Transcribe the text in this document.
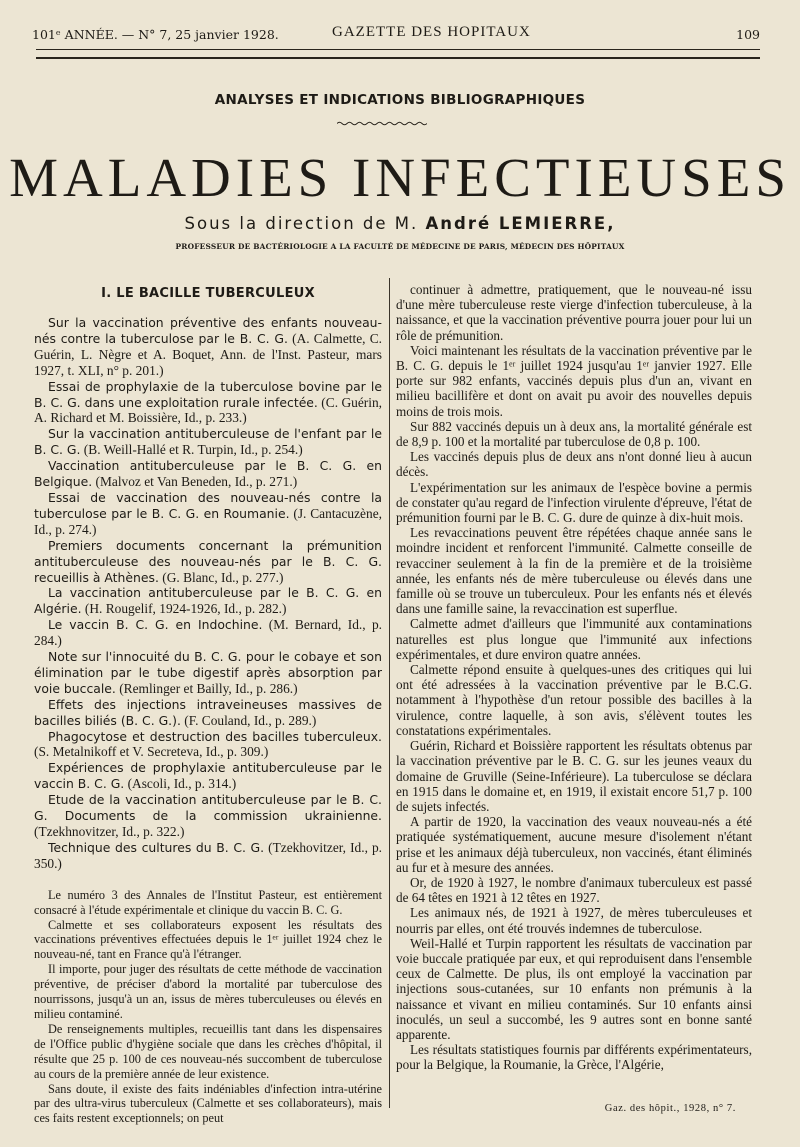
101ᵉ ANNÉE. — N° 7, 25 janvier 1928.	GAZETTE DES HOPITAUX	109
ANALYSES ET INDICATIONS BIBLIOGRAPHIQUES
MALADIES INFECTIEUSES
Sous la direction de M. André LEMIERRE,
PROFESSEUR DE BACTÉRIOLOGIE A LA FACULTÉ DE MÉDECINE DE PARIS, MÉDECIN DES HÔPITAUX
I. LE BACILLE TUBERCULEUX

Sur la vaccination préventive des enfants nouveau-nés contre la tuberculose par le B. C. G. (A. Calmette, C. Guérin, L. Nègre et A. Boquet, Ann. de l'Inst. Pasteur, mars 1927, t. XLI, n° p. 201.)

Essai de prophylaxie de la tuberculose bovine par le B. C. G. dans une exploitation rurale infectée. (C. Guérin, A. Richard et M. Boissière, Id., p. 233.)

Sur la vaccination antituberculeuse de l'enfant par le B. C. G. (B. Weill-Hallé et R. Turpin, Id., p. 254.)

Vaccination antituberculeuse par le B. C. G. en Belgique. (Malvoz et Van Beneden, Id., p. 271.)

Essai de vaccination des nouveau-nés contre la tuberculose par le B. C. G. en Roumanie. (J. Cantacuzène, Id., p. 274.)

Premiers documents concernant la prémunition antituberculeuse des nouveau-nés par le B. C. G. recueillis à Athènes. (G. Blanc, Id., p. 277.)

La vaccination antituberculeuse par le B. C. G. en Algérie. (H. Rougelif, 1924-1926, Id., p. 282.)

Le vaccin B. C. G. en Indochine. (M. Bernard, Id., p. 284.)

Note sur l'innocuité du B. C. G. pour le cobaye et son élimination par le tube digestif après absorption par voie buccale. (Remlinger et Bailly, Id., p. 286.)

Effets des injections intraveineuses massives de bacilles biliés (B. C. G.). (F. Couland, Id., p. 289.)

Phagocytose et destruction des bacilles tuberculeux. (S. Metalnikoff et V. Secreteva, Id., p. 309.)

Expériences de prophylaxie antituberculeuse par le vaccin B. C. G. (Ascoli, Id., p. 314.)

Etude de la vaccination antituberculeuse par le B. C. G. Documents de la commission ukrainienne. (Tzekhnovitzer, Id., p. 322.)

Technique des cultures du B. C. G. (Tzekhovitzer, Id., p. 350.)

Le numéro 3 des Annales de l'Institut Pasteur, est entièrement consacré à l'étude expérimentale et clinique du vaccin B. C. G.

Calmette et ses collaborateurs exposent les résultats des vaccinations préventives effectuées depuis le 1ᵉʳ juillet 1924 chez le nouveau-né, tant en France qu'à l'étranger.

Il importe, pour juger des résultats de cette méthode de vaccination préventive, de préciser d'abord la mortalité par tuberculose des nourrissons, jusqu'à un an, issus de mères tuberculeuses ou élevés en milieu contaminé.

De renseignements multiples, recueillis tant dans les dispensaires de l'Office public d'hygiène sociale que dans les crèches d'hôpital, il résulte que 25 p. 100 de ces nouveau-nés succombent de tuberculose au cours de la première année de leur existence.

Sans doute, il existe des faits indéniables d'infection intra-utérine par des ultra-virus tuberculeux (Calmette et ses collaborateurs), mais ces faits restent exceptionnels; on peut

continuer à admettre, pratiquement, que le nouveau-né issu d'une mère tuberculeuse reste vierge d'infection tuberculeuse, à la naissance, et que la vaccination préventive pourra jouer pour lui un rôle de prémunition.

Voici maintenant les résultats de la vaccination préventive par le B. C. G. depuis le 1ᵉʳ juillet 1924 jusqu'au 1ᵉʳ janvier 1927. Elle porte sur 982 enfants, vaccinés depuis plus d'un an, vivant en milieu bacillifère et dont on avait pu avoir des nouvelles depuis moins de trois mois.

Sur 882 vaccinés depuis un à deux ans, la mortalité générale est de 8,9 p. 100 et la mortalité par tuberculose de 0,8 p. 100.

Les vaccinés depuis plus de deux ans n'ont donné lieu à aucun décès.

L'expérimentation sur les animaux de l'espèce bovine a permis de constater qu'au regard de l'infection virulente d'épreuve, l'état de prémunition fourni par le B. C. G. dure de quinze à dix-huit mois.

Les revaccinations peuvent être répétées chaque année sans le moindre incident et renforcent l'immunité. Calmette conseille de revacciner seulement à la fin de la première et de la troisième année, les enfants nés de mère tuberculeuse ou élevés dans une famille où se trouve un tuberculeux. Pour les enfants nés et élevés dans une famille saine, la revaccination est superflue.

Calmette admet d'ailleurs que l'immunité aux contaminations naturelles est plus longue que l'immunité aux infections expérimentales, et dure environ quatre années.

Calmette répond ensuite à quelques-unes des critiques qui lui ont été adressées à la vaccination préventive par le B.C.G. notamment à l'hypothèse d'un retour possible des bacilles à la virulence, contre laquelle, à son avis, s'élèvent toutes les constatations expérimentales.

Guérin, Richard et Boissière rapportent les résultats obtenus par la vaccination préventive par le B. C. G. sur les jeunes veaux du domaine de Gruville (Seine-Inférieure). La tuberculose se déclara en 1915 dans le domaine et, en 1919, il existait encore 51,7 p. 100 de sujets infectés.

A partir de 1920, la vaccination des veaux nouveau-nés a été pratiquée systématiquement, aucune mesure d'isolement n'étant prise et les animaux déjà tuberculeux, non vaccinés, étant éliminés au fur et à mesure des années.

Or, de 1920 à 1927, le nombre d'animaux tuberculeux est passé de 64 têtes en 1921 à 12 têtes en 1927.

Les animaux nés, de 1921 à 1927, de mères tuberculeuses et nourris par elles, ont été trouvés indemnes de tuberculose.

Weil-Hallé et Turpin rapportent les résultats de vaccination par voie buccale pratiquée par eux, et qui reproduisent dans l'ensemble ceux de Calmette. De plus, ils ont employé la vaccination par injections sous-cutanées, sur 10 enfants non prémunis à la naissance et vivant en milieu contaminés. Sur 10 enfants ainsi inoculés, un seul a succombé, les 9 autres sont en bonne santé apparente.

Les résultats statistiques fournis par différents expérimentateurs, pour la Belgique, la Roumanie, la Grèce, l'Algérie,

Gaz. des hôpit., 1928, n° 7.
